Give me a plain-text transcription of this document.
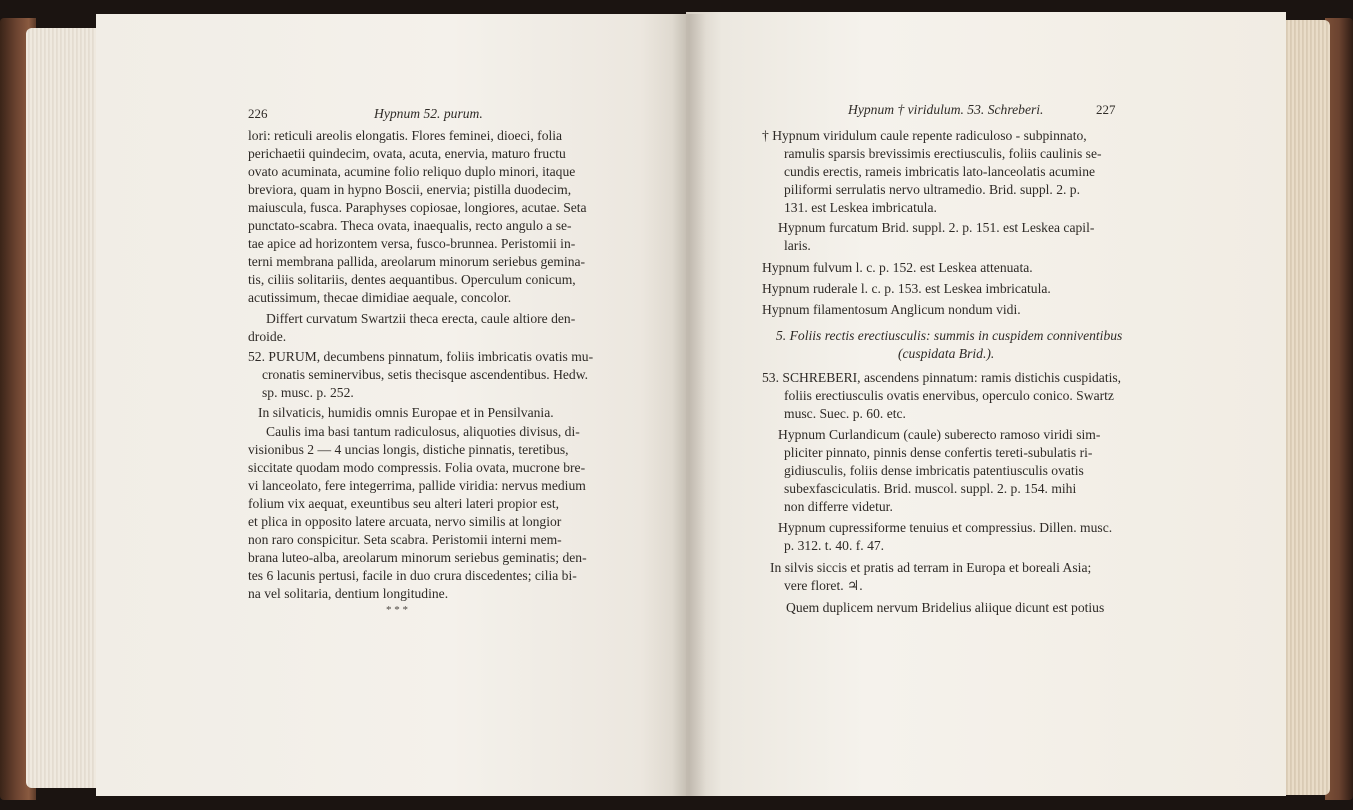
226	Hypnum 52. purum.
lori: reticuli areolis elongatis. Flores feminei, dioeci, folia
perichaetii quindecim, ovata, acuta, enervia, maturo fructu
ovato acuminata, acumine folio reliquo duplo minori, itaque
breviora, quam in hypno Boscii, enervia; pistilla duodecim,
maiuscula, fusca. Paraphyses copiosae, longiores, acutae. Seta
punctato-scabra. Theca ovata, inaequalis, recto angulo a se-
tae apice ad horizontem versa, fusco-brunnea. Peristomii in-
terni membrana pallida, areolarum minorum seriebus gemina-
tis, ciliis solitariis, dentes aequantibus. Operculum conicum,
acutissimum, thecae dimidiae aequale, concolor.
Differt curvatum Swartzii theca erecta, caule altiore den-
droide.
52. PURUM, decumbens pinnatum, foliis imbricatis ovatis mu-
cronatis seminervibus, setis thecisque ascendentibus. Hedw.
sp. musc. p. 252.
In silvaticis, humidis omnis Europae et in Pensilvania.
Caulis ima basi tantum radiculosus, aliquoties divisus, di-
visionibus 2 — 4 uncias longis, distiche pinnatis, teretibus,
siccitate quodam modo compressis. Folia ovata, mucrone bre-
vi lanceolato, fere integerrima, pallide viridia: nervus medium
folium vix aequat, exeuntibus seu alteri lateri propior est,
et plica in opposito latere arcuata, nervo similis at longior
non raro conspicitur. Seta scabra. Peristomii interni mem-
brana luteo-alba, areolarum minorum seriebus geminatis; den-
tes 6 lacunis pertusi, facile in duo crura discedentes; cilia bi-
na vel solitaria, dentium longitudine.
* * *
Hypnum † viridulum. 53. Schreberi.	227
† Hypnum viridulum caule repente radiculoso - subpinnato,
ramulis sparsis brevissimis erectiusculis, foliis caulinis se-
cundis erectis, rameis imbricatis lato-lanceolatis acumine
piliformi serrulatis nervo ultramedio. Brid. suppl. 2. p.
131. est Leskea imbricatula.
Hypnum furcatum Brid. suppl. 2. p. 151. est Leskea capil-
laris.
Hypnum fulvum l. c. p. 152. est Leskea attenuata.
Hypnum ruderale l. c. p. 153. est Leskea imbricatula.
Hypnum filamentosum Anglicum nondum vidi.
5. Foliis rectis erectiusculis: summis in cuspidem conniventibus
(cuspidata Brid.).
53. SCHREBERI, ascendens pinnatum: ramis distichis cuspidatis,
foliis erectiusculis ovatis enervibus, operculo conico. Swartz
musc. Suec. p. 60. etc.
Hypnum Curlandicum (caule) suberecto ramoso viridi sim-
pliciter pinnato, pinnis dense confertis tereti-subulatis ri-
gidiusculis, foliis dense imbricatis patentiusculis ovatis
subexfasciculatis. Brid. muscol. suppl. 2. p. 154. mihi
non differre videtur.
Hypnum cupressiforme tenuius et compressius. Dillen. musc.
p. 312. t. 40. f. 47.
In silvis siccis et pratis ad terram in Europa et boreali Asia;
vere floret. ♃.
Quem duplicem nervum Bridelius aliique dicunt est potius
